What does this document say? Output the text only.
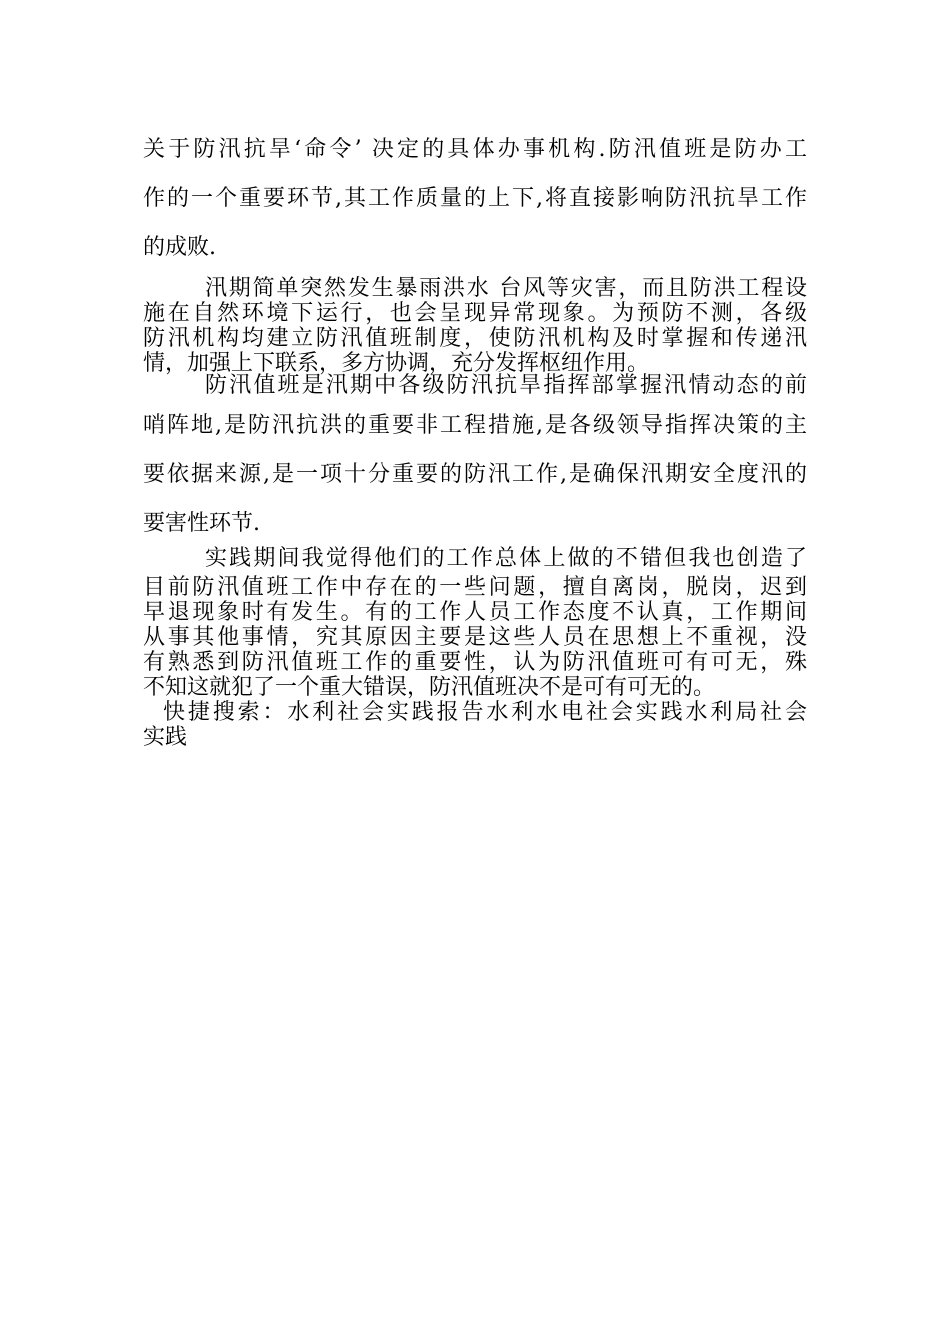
关于防汛抗旱‘命令’ 决定的具体办事机构.防汛值班是防办工
作的一个重要环节,其工作质量的上下,将直接影响防汛抗旱工作
的成败.
汛期简单突然发生暴雨洪水 台风等灾害，而且防洪工程设
施在自然环境下运行，也会呈现异常现象。为预防不测，各级
防汛机构均建立防汛值班制度，使防汛机构及时掌握和传递汛
情，加强上下联系，多方协调，充分发挥枢纽作用。
防汛值班是汛期中各级防汛抗旱指挥部掌握汛情动态的前
哨阵地,是防汛抗洪的重要非工程措施,是各级领导指挥决策的主
要依据来源,是一项十分重要的防汛工作,是确保汛期安全度汛的
要害性环节.
实践期间我觉得他们的工作总体上做的不错但我也创造了
目前防汛值班工作中存在的一些问题，擅自离岗，脱岗，迟到
早退现象时有发生。有的工作人员工作态度不认真，工作期间
从事其他事情，究其原因主要是这些人员在思想上不重视，没
有熟悉到防汛值班工作的重要性，认为防汛值班可有可无，殊
不知这就犯了一个重大错误，防汛值班决不是可有可无的。
快捷搜索：水利社会实践报告水利水电社会实践水利局社会
实践
